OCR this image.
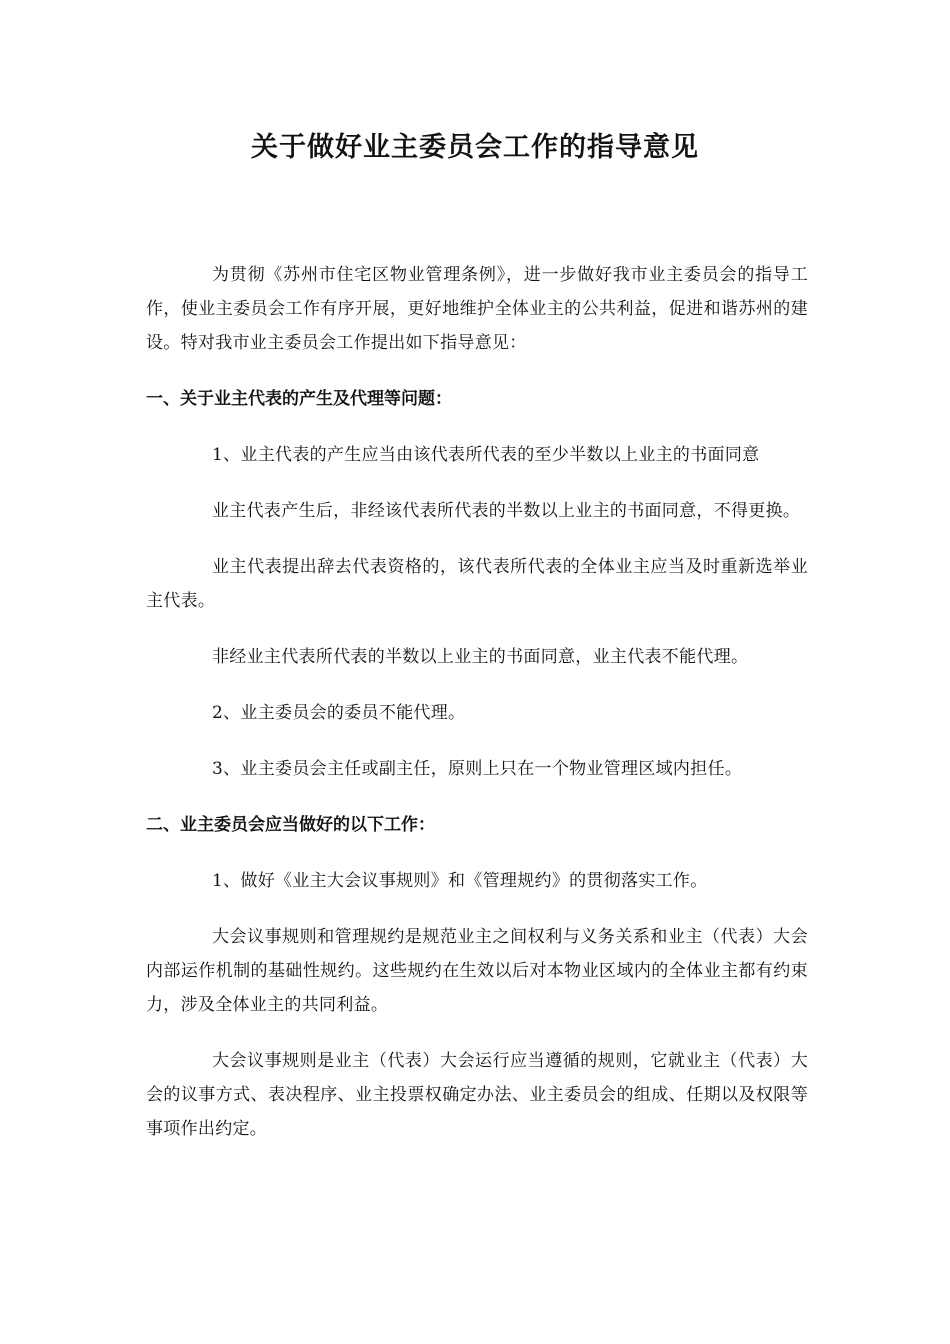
关于做好业主委员会工作的指导意见

为贯彻《苏州市住宅区物业管理条例》，进一步做好我市业主委员会的指导工作，使业主委员会工作有序开展，更好地维护全体业主的公共利益，促进和谐苏州的建设。特对我市业主委员会工作提出如下指导意见：

一、关于业主代表的产生及代理等问题：

1、业主代表的产生应当由该代表所代表的至少半数以上业主的书面同意

业主代表产生后，非经该代表所代表的半数以上业主的书面同意，不得更换。

业主代表提出辞去代表资格的，该代表所代表的全体业主应当及时重新选举业主代表。

非经业主代表所代表的半数以上业主的书面同意，业主代表不能代理。

2、业主委员会的委员不能代理。

3、业主委员会主任或副主任，原则上只在一个物业管理区域内担任。

二、业主委员会应当做好的以下工作：

1、做好《业主大会议事规则》和《管理规约》的贯彻落实工作。

大会议事规则和管理规约是规范业主之间权利与义务关系和业主（代表）大会内部运作机制的基础性规约。这些规约在生效以后对本物业区域内的全体业主都有约束力，涉及全体业主的共同利益。

大会议事规则是业主（代表）大会运行应当遵循的规则，它就业主（代表）大会的议事方式、表决程序、业主投票权确定办法、业主委员会的组成、任期以及权限等事项作出约定。
